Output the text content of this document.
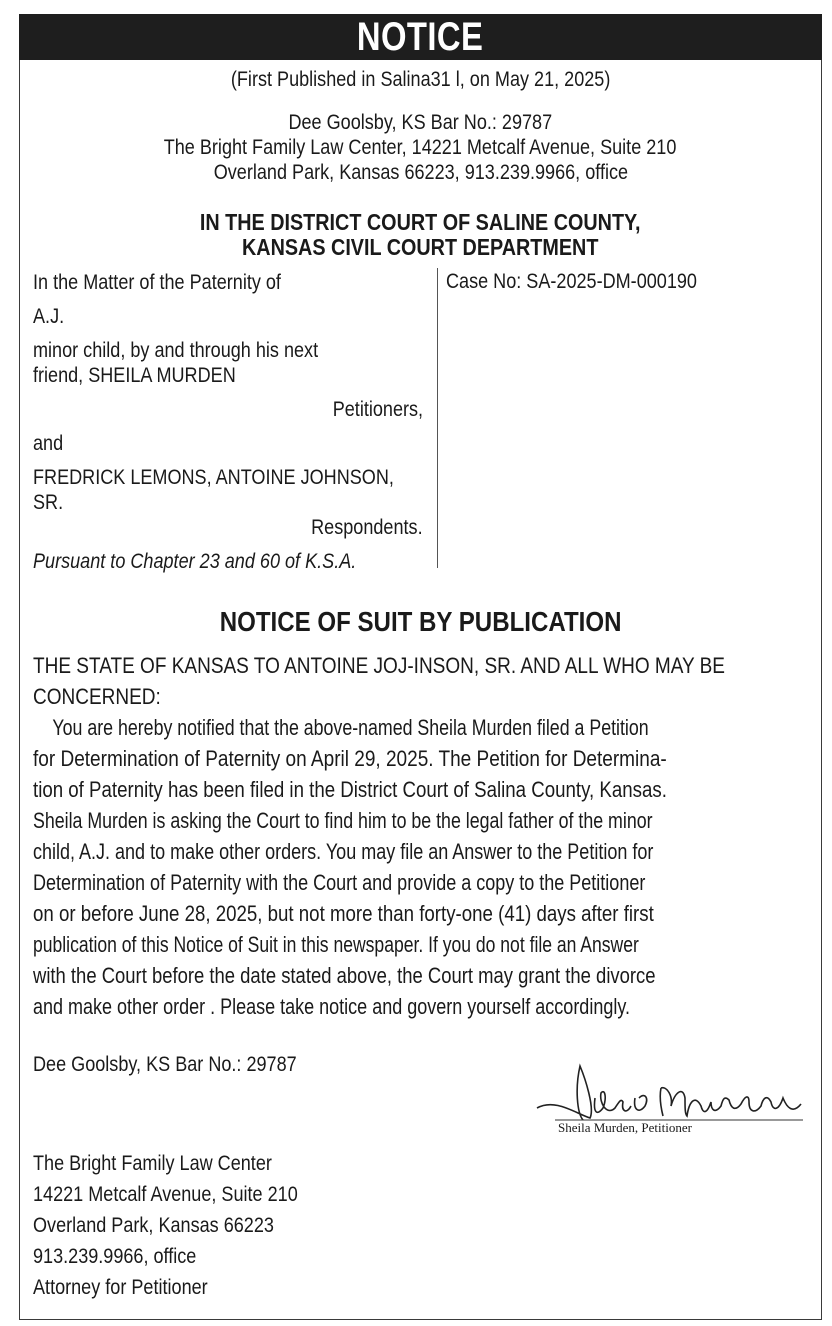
NOTICE
(First Published in Salina31 l, on May 21, 2025)
Dee Goolsby, KS Bar No.: 29787
The Bright Family Law Center, 14221 Metcalf Avenue, Suite 210
Overland Park, Kansas 66223, 913.239.9966, office
IN THE DISTRICT COURT OF SALINE COUNTY,
KANSAS CIVIL COURT DEPARTMENT

In the Matter of the Paternity of

A.J.

minor child, by and through his next

friend, SHEILA MURDEN

Petitioners,

and

FREDRICK LEMONS, ANTOINE JOHNSON,

SR.

Respondents.

Pursuant to Chapter 23 and 60 of K.S.A.

Case No: SA-2025-DM-000190
NOTICE OF SUIT BY PUBLICATION
THE STATE OF KANSAS TO ANTOINE JOJ-INSON, SR. AND ALL WHO MAY BE
CONCERNED:
You are hereby notified that the above-named Sheila Murden filed a Petition
for Determination of Paternity on April 29, 2025. The Petition for Determina-
tion of Paternity has been filed in the District Court of Salina County, Kansas.
Sheila Murden is asking the Court to find him to be the legal father of the minor
child, A.J. and to make other orders. You may file an Answer to the Petition for
Determination of Paternity with the Court and provide a copy to the Petitioner
on or before June 28, 2025, but not more than forty-one (41) days after first
publication of this Notice of Suit in this newspaper. If you do not file an Answer
with the Court before the date stated above, the Court may grant the divorce
and make other order . Please take notice and govern yourself accordingly.
Dee Goolsby, KS Bar No.: 29787
Sheila Murden, Petitioner
The Bright Family Law Center
14221 Metcalf Avenue, Suite 210
Overland Park, Kansas 66223
913.239.9966, office
Attorney for Petitioner
